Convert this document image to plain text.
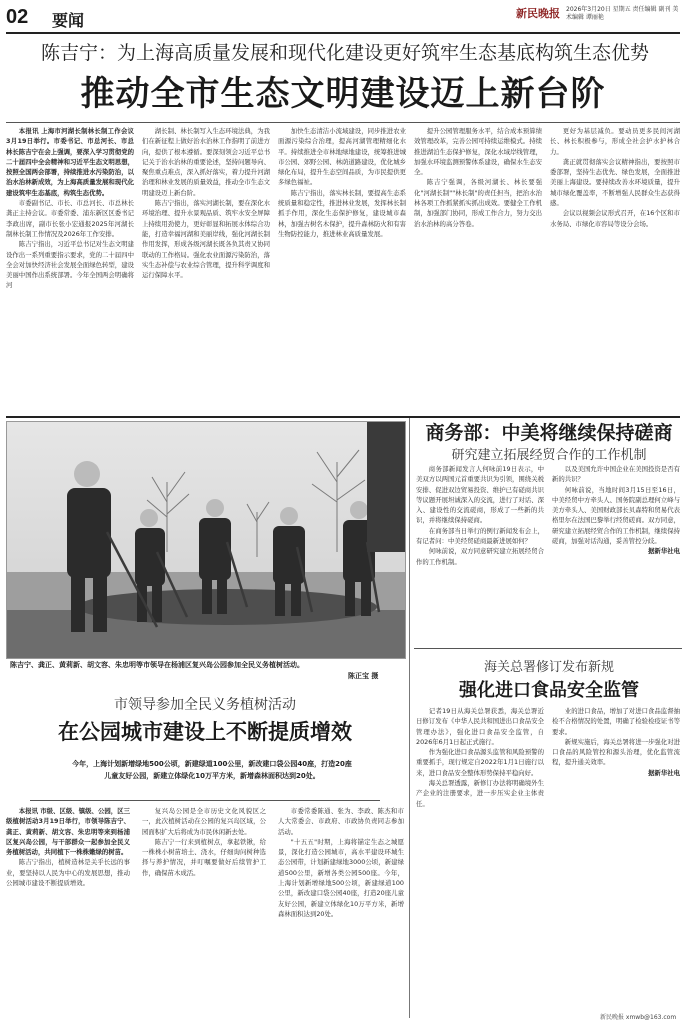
02 要闻	新民晚报 2026年3月20日 星期五 责任编辑 副刊 美术编辑 谭丽艳
陈吉宁：为上海高质量发展和现代化建设更好筑牢生态基底构筑生态优势
推动全市生态文明建设迈上新台阶

本报讯 上海市河湖长制林长制工作会议3月19日举行。市委书记、市总河长、市总林长陈吉宁在会上强调，要深入学习贯彻党的二十届四中全会精神和习近平生态文明思想，按照全国两会部署，持续推进水污染防治，以治水治林新成效，为上海高质量发展和现代化建设筑牢生态基底，构筑生态优势。

市委副书记、市长、市总河长、市总林长龚正主持会议。市委常委、浦东新区区委书记李政出席，副市长张小宏通报2025年河湖长制林长制工作情况及2026年工作安排。

陈吉宁指出，习近平总书记对生态文明建设作出一系列重要指示要求，党的二十届四中全会对加快经济社会发展全面绿色转型，建设美丽中国作出系统部署。今年全国两会明确将河

湖长制、林长制写入生态环境法典，为我们在新征程上做好治水治林工作指明了前进方向，提供了根本遵循。要深刻领会习近平总书记关于治水治林的重要论述，坚持问题导向、聚焦重点难点，深入抓好落实，着力提升河湖治理和林业发展的质量效益，推动全市生态文明建设迈上新台阶。

陈吉宁指出，落实河湖长制，要在深化水环境治理、提升水景观品质、筑牢水安全屏障上持续用劲使力，更好彰显和拓展水体综合功能，打造幸福河湖和美丽岸线，强化河湖长制作用发挥，形成各级河湖长既各负其责又协同联动的工作格局。强化农业面源污染防治，落实生态补偿与农业综合管理，提升科学调度和运行保障水平。

加快生态清洁小流域建设，同步推进农业面源污染综合治理，提高河湖管理精细化水平。持续推进全市林地绿地建设，统筹推进城市公园、郊野公园、林荫道路建设，优化城乡绿化布局，提升生态空间品质，为市民提供更多绿色福祉。

陈吉宁指出，落实林长制，要提高生态系统质量和稳定性，推进林业发展，发挥林长制抓手作用，深化生态保护修复，建设城市森林，加强古树名木保护，提升森林防火和有害生物防控能力，推进林业高质量发展。

提升公园管理服务水平，结合成本预算绩效管理改革，完善公园可持续运维模式。持续推进湖泊生态保护修复，深化水域岸线管理，加强水环境监测预警体系建设，确保水生态安全。

陈吉宁强调，各级河湖长、林长要强化"河湖长制""林长制"的责任担当，把治水治林各项工作抓紧抓实抓出成效。要健全工作机制，加强部门协同，形成工作合力，努力交出治水治林的高分答卷。

更好为基层减负。要动员更多民间河湖长、林长积极参与，形成全社会护水护林合力。

龚正就贯彻落实会议精神指出，要按照市委部署，坚持生态优先、绿色发展，全面推进美丽上海建设。要持续改善水环境质量，提升城市绿化覆盖率，不断增强人民群众生态获得感。

会议以视频会议形式召开，在16个区和市水务局、市绿化市容局等设分会场。

陈吉宁、龚正、黄莉新、胡文容、朱忠明等市领导在杨浦区复兴岛公园参加全民义务植树活动。
陈正宝 摄
市领导参加全民义务植树活动
在公园城市建设上不断提质增效
今年，上海计划新增绿地500公顷，新建绿道100公里，新改建口袋公园40座，打造20座儿童友好公园，新建立体绿化10万平方米，新增森林面积达到20处。

本报讯 市级、区级、镇级、公园，区三级植树活动3月19日举行，市领导陈吉宁、龚正、黄莉新、胡文容、朱忠明等来到杨浦区复兴岛公园，与干部群众一起参加全民义务植树活动，共同植下一株株嫩绿的树苗。

陈吉宁指出，植树造林是关乎长远的事业，要坚持以人民为中心的发展思想，推动公园城市建设不断提质增效。

复兴岛公园是全市历史文化风貌区之一，此次植树活动在公园的复兴岛区域，公园面积扩大后将成为市民休闲新去处。

陈吉宁一行来到植树点，拿起铁锹，给一株株小树苗培土、浇水，仔细询问树种选择与养护情况，并叮嘱要做好后续管护工作，确保苗木成活。

市委常委陈通、张为、李政、陈杰和市人大常委会、市政府、市政协负责同志参加活动。

"十五五"时期，上海将锚定生态之城愿景，深化打造公园城市，高水平建设环城生态公园带，计划新建绿地3000公顷，新建绿道500公里，新增各类公园500座。今年，上海计划新增绿地500公顷，新建绿道100公里，新改建口袋公园40座，打造20座儿童友好公园，新建立体绿化10万平方米，新增森林面积达到20处。

商务部：中美将继续保持磋商
研究建立拓展经贸合作的工作机制

商务部新闻发言人何咏前19日表示，中美双方以两国元首重要共识为引领，围绕关税安排、促进双边贸易投资、维护已有磋商共识等议题开展坦诚深入的交流，进行了对话、深入、建设性的交流磋商，形成了一些新的共识，并将继续保持磋商。

在商务部当日举行的例行新闻发布会上，有记者问：中美经贸磋商最新进展如何？

何咏前说，双方同意研究建立拓展经贸合作的工作机制。

以及美国允许中国企业在美国投资是否有新的共识？

何咏前说，当地时间3月15日至16日，中美经贸中方牵头人、国务院副总理何立峰与美方牵头人、美国财政部长贝森特和贸易代表格里尔在法国巴黎举行经贸磋商。双方同意，研究建立拓展经贸合作的工作机制，继续保持磋商，加强对话沟通，妥善管控分歧。

据新华社电
海关总署修订发布新规
强化进口食品安全监管

记者19日从海关总署获悉，海关总署近日修订发布《中华人民共和国进出口食品安全管理办法》，强化进口食品安全监管，自2026年6月1日起正式施行。

作为强化进口食品源头监管和风险预警的重要抓手，现行规定自2022年1月1日施行以来，进口食品安全整体形势保持平稳向好。

海关总署透露，新修订办法将明确境外生产企业的注册要求，进一步压实企业主体责任。

业的进口食品，增加了对进口食品监督抽检不合格情况的处置，明确了检验检疫证书等要求。

新规实施后，海关总署将进一步强化对进口食品的风险管控和源头治理，优化监管流程，提升通关效率。

据新华社电
新民晚报 xmwb@163.com
